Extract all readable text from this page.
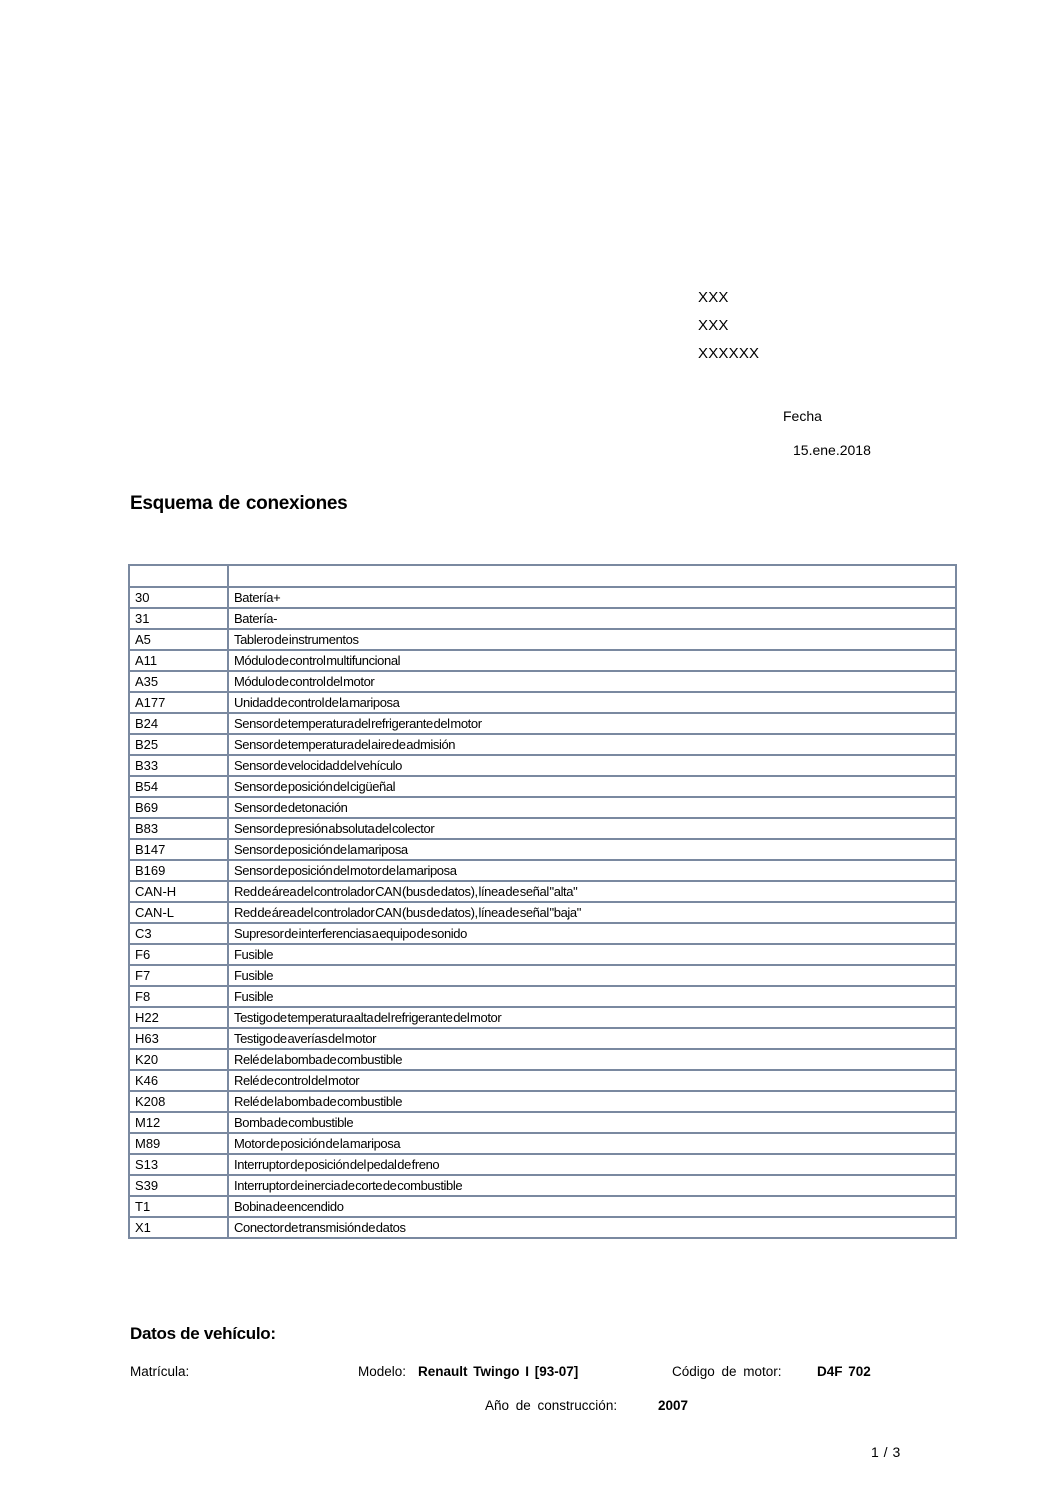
XXX
XXX
XXXXXX
Fecha
15.ene.2018
Esquema de conexiones

30	Batería+
31	Batería-
A5	Tablero de instrumentos
A11	Módulo de control multifuncional
A35	Módulo de control del motor
A177	Unidad de control de la mariposa
B24	Sensor de temperatura del refrigerante del motor
B25	Sensor de temperatura del aire de admisión
B33	Sensor de velocidad del vehículo
B54	Sensor de posición del cigüeñal
B69	Sensor de detonación
B83	Sensor de presión absoluta del colector
B147	Sensor de posición de la mariposa
B169	Sensor de posición del motor de la mariposa
CAN-H	Red de área del controlador CAN (bus de datos), línea de señal "alta"
CAN-L	Red de área del controlador CAN (bus de datos), línea de señal "baja"
C3	Supresor de interferencias a equipo de sonido
F6	Fusible
F7	Fusible
F8	Fusible
H22	Testigo de temperatura alta del refrigerante del motor
H63	Testigo de averías del motor
K20	Relé de la bomba de combustible
K46	Relé de control del motor
K208	Relé de la bomba de combustible
M12	Bomba de combustible
M89	Motor de posición de la mariposa
S13	Interruptor de posición del pedal de freno
S39	Interruptor de inercia de corte de combustible
T1	Bobina de encendido
X1	Conector de transmisión de datos
Datos de vehículo:
Matrícula:	Modelo: Renault Twingo I [93-07]	Código de motor:	D4F 702
Año de construcción:	2007
1 / 3
